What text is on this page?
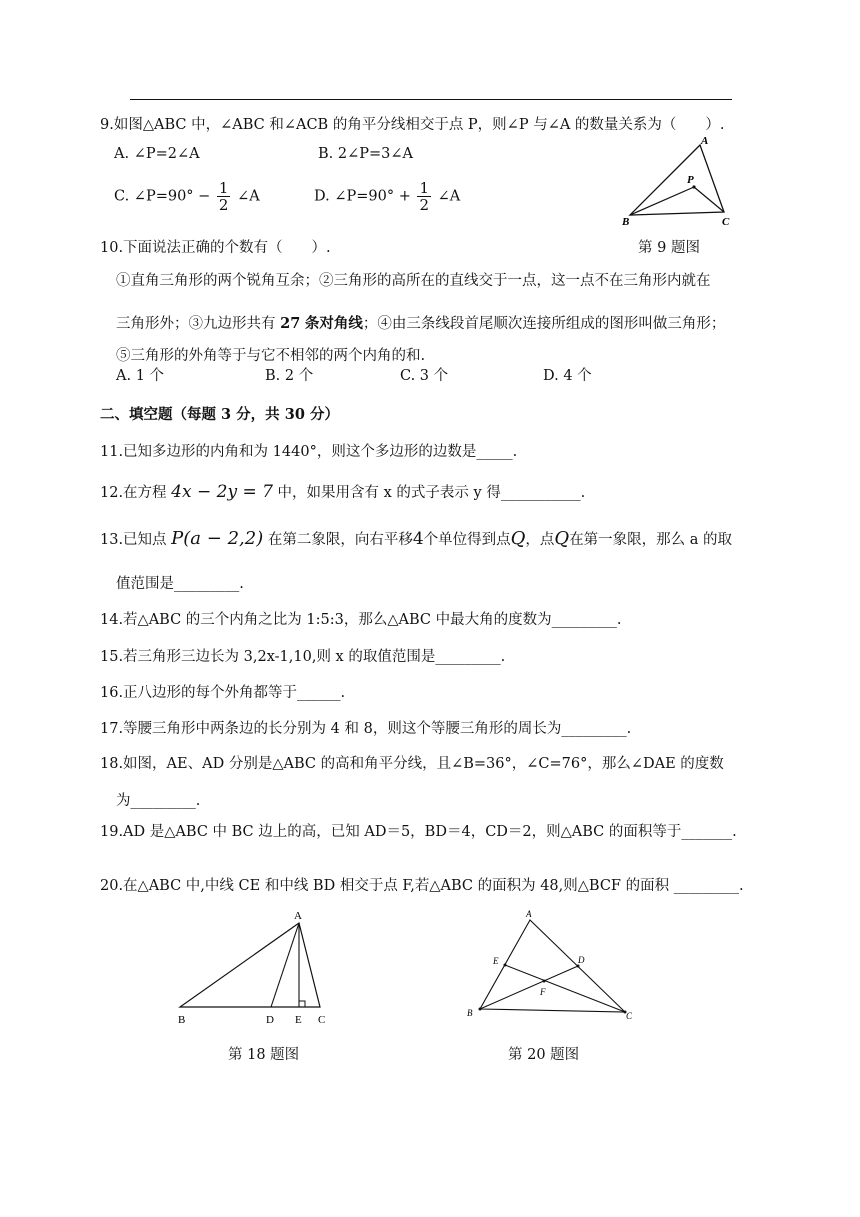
9.如图△ABC 中，∠ABC 和∠ACB 的角平分线相交于点 P，则∠P 与∠A 的数量关系为（　　）.
A. ∠P=2∠A	B. 2∠P=3∠A
C. ∠P=90° − $\frac{1}{2}$ ∠A	D. ∠P=90° + $\frac{1}{2}$ ∠A
A
B	C
P
第 9 题图
10.下面说法正确的个数有（　　）.
①直角三角形的两个锐角互余；②三角形的高所在的直线交于一点，这一点不在三角形内就在
三角形外；③九边形共有 27 条对角线；④由三条线段首尾顺次连接所组成的图形叫做三角形；
⑤三角形的外角等于与它不相邻的两个内角的和.
A. 1 个	B. 2 个	C. 3 个	D. 4 个
二、填空题（每题 3 分，共 30 分）
11.已知多边形的内角和为 1440°，则这个多边形的边数是_____.
12.在方程 4x − 2y = 7 中，如果用含有 x 的式子表示 y 得___________.
13.已知点 P(a − 2,2) 在第二象限，向右平移4个单位得到点Q，点Q在第一象限，那么 a 的取
值范围是_________.
14.若△ABC 的三个内角之比为 1:5:3，那么△ABC 中最大角的度数为_________.
15.若三角形三边长为 3,2x-1,10,则 x 的取值范围是_________.
16.正八边形的每个外角都等于______.
17.等腰三角形中两条边的长分别为 4 和 8，则这个等腰三角形的周长为_________.
18.如图，AE、AD 分别是△ABC 的高和角平分线，且∠B=36°，∠C=76°，那么∠DAE 的度数
为_________.
19.AD 是△ABC 中 BC 边上的高，已知 AD＝5，BD＝4，CD＝2，则△ABC 的面积等于_______.
20.在△ABC 中,中线 CE 和中线 BD 相交于点 F,若△ABC 的面积为 48,则△BCF 的面积 _________.
A
B	D E C
第 18 题图
A
E	D
F
B	C
第 20 题图
